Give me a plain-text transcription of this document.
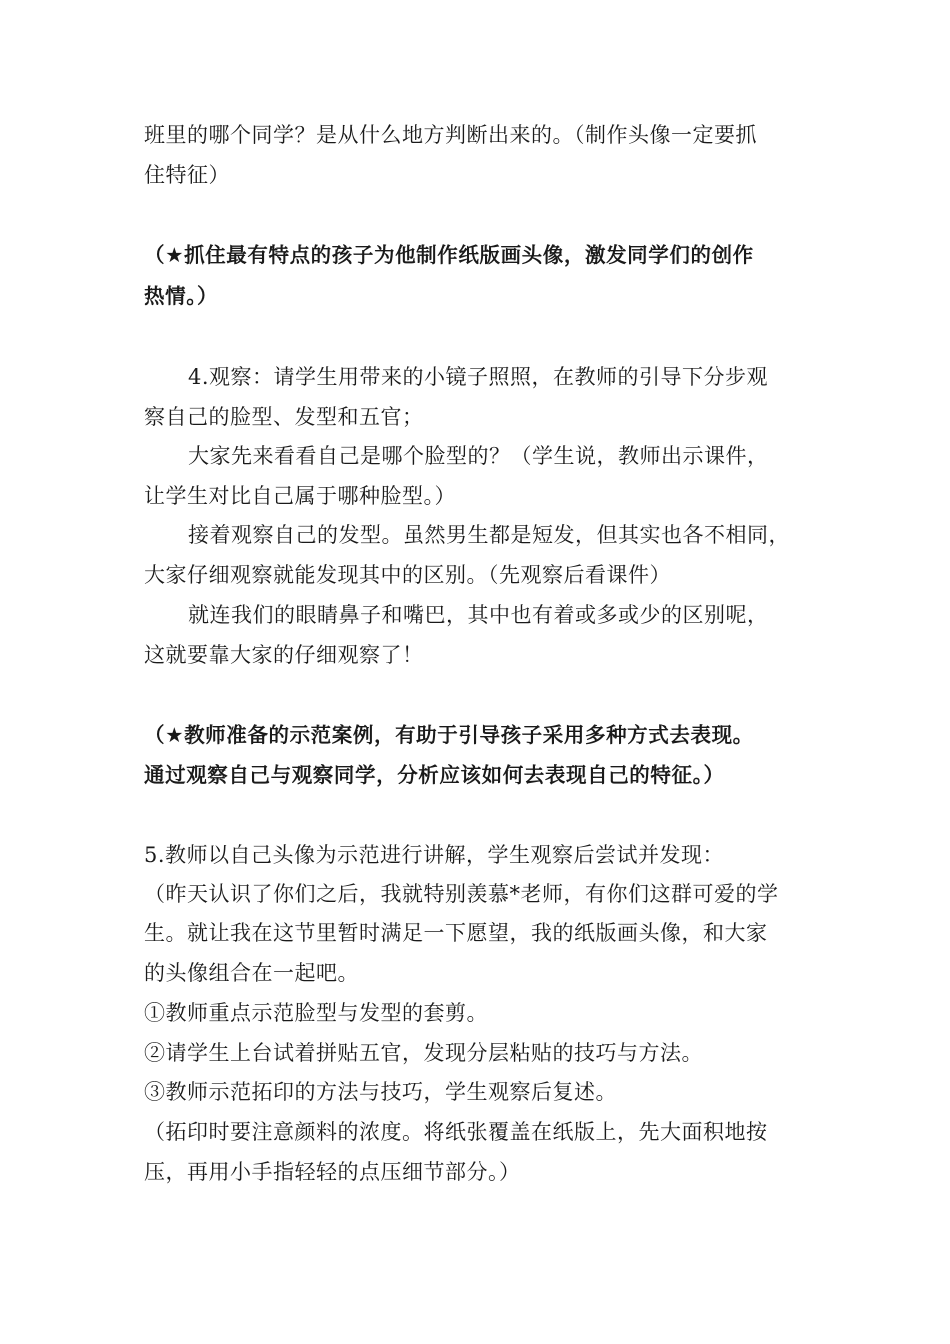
班里的哪个同学？是从什么地方判断出来的。（制作头像一定要抓
住特征）
（★抓住最有特点的孩子为他制作纸版画头像，激发同学们的创作
热情。）
4.观察：请学生用带来的小镜子照照，在教师的引导下分步观
察自己的脸型、发型和五官；
大家先来看看自己是哪个脸型的？（学生说，教师出示课件，
让学生对比自己属于哪种脸型。）
接着观察自己的发型。虽然男生都是短发，但其实也各不相同，
大家仔细观察就能发现其中的区别。（先观察后看课件）
就连我们的眼睛鼻子和嘴巴，其中也有着或多或少的区别呢，
这就要靠大家的仔细观察了！
（★教师准备的示范案例，有助于引导孩子采用多种方式去表现。
通过观察自己与观察同学，分析应该如何去表现自己的特征。）
5.教师以自己头像为示范进行讲解，学生观察后尝试并发现：
（昨天认识了你们之后，我就特别羡慕*老师，有你们这群可爱的学
生。就让我在这节里暂时满足一下愿望，我的纸版画头像，和大家
的头像组合在一起吧。
①教师重点示范脸型与发型的套剪。
②请学生上台试着拼贴五官，发现分层粘贴的技巧与方法。
③教师示范拓印的方法与技巧，学生观察后复述。
（拓印时要注意颜料的浓度。将纸张覆盖在纸版上，先大面积地按
压，再用小手指轻轻的点压细节部分。）
